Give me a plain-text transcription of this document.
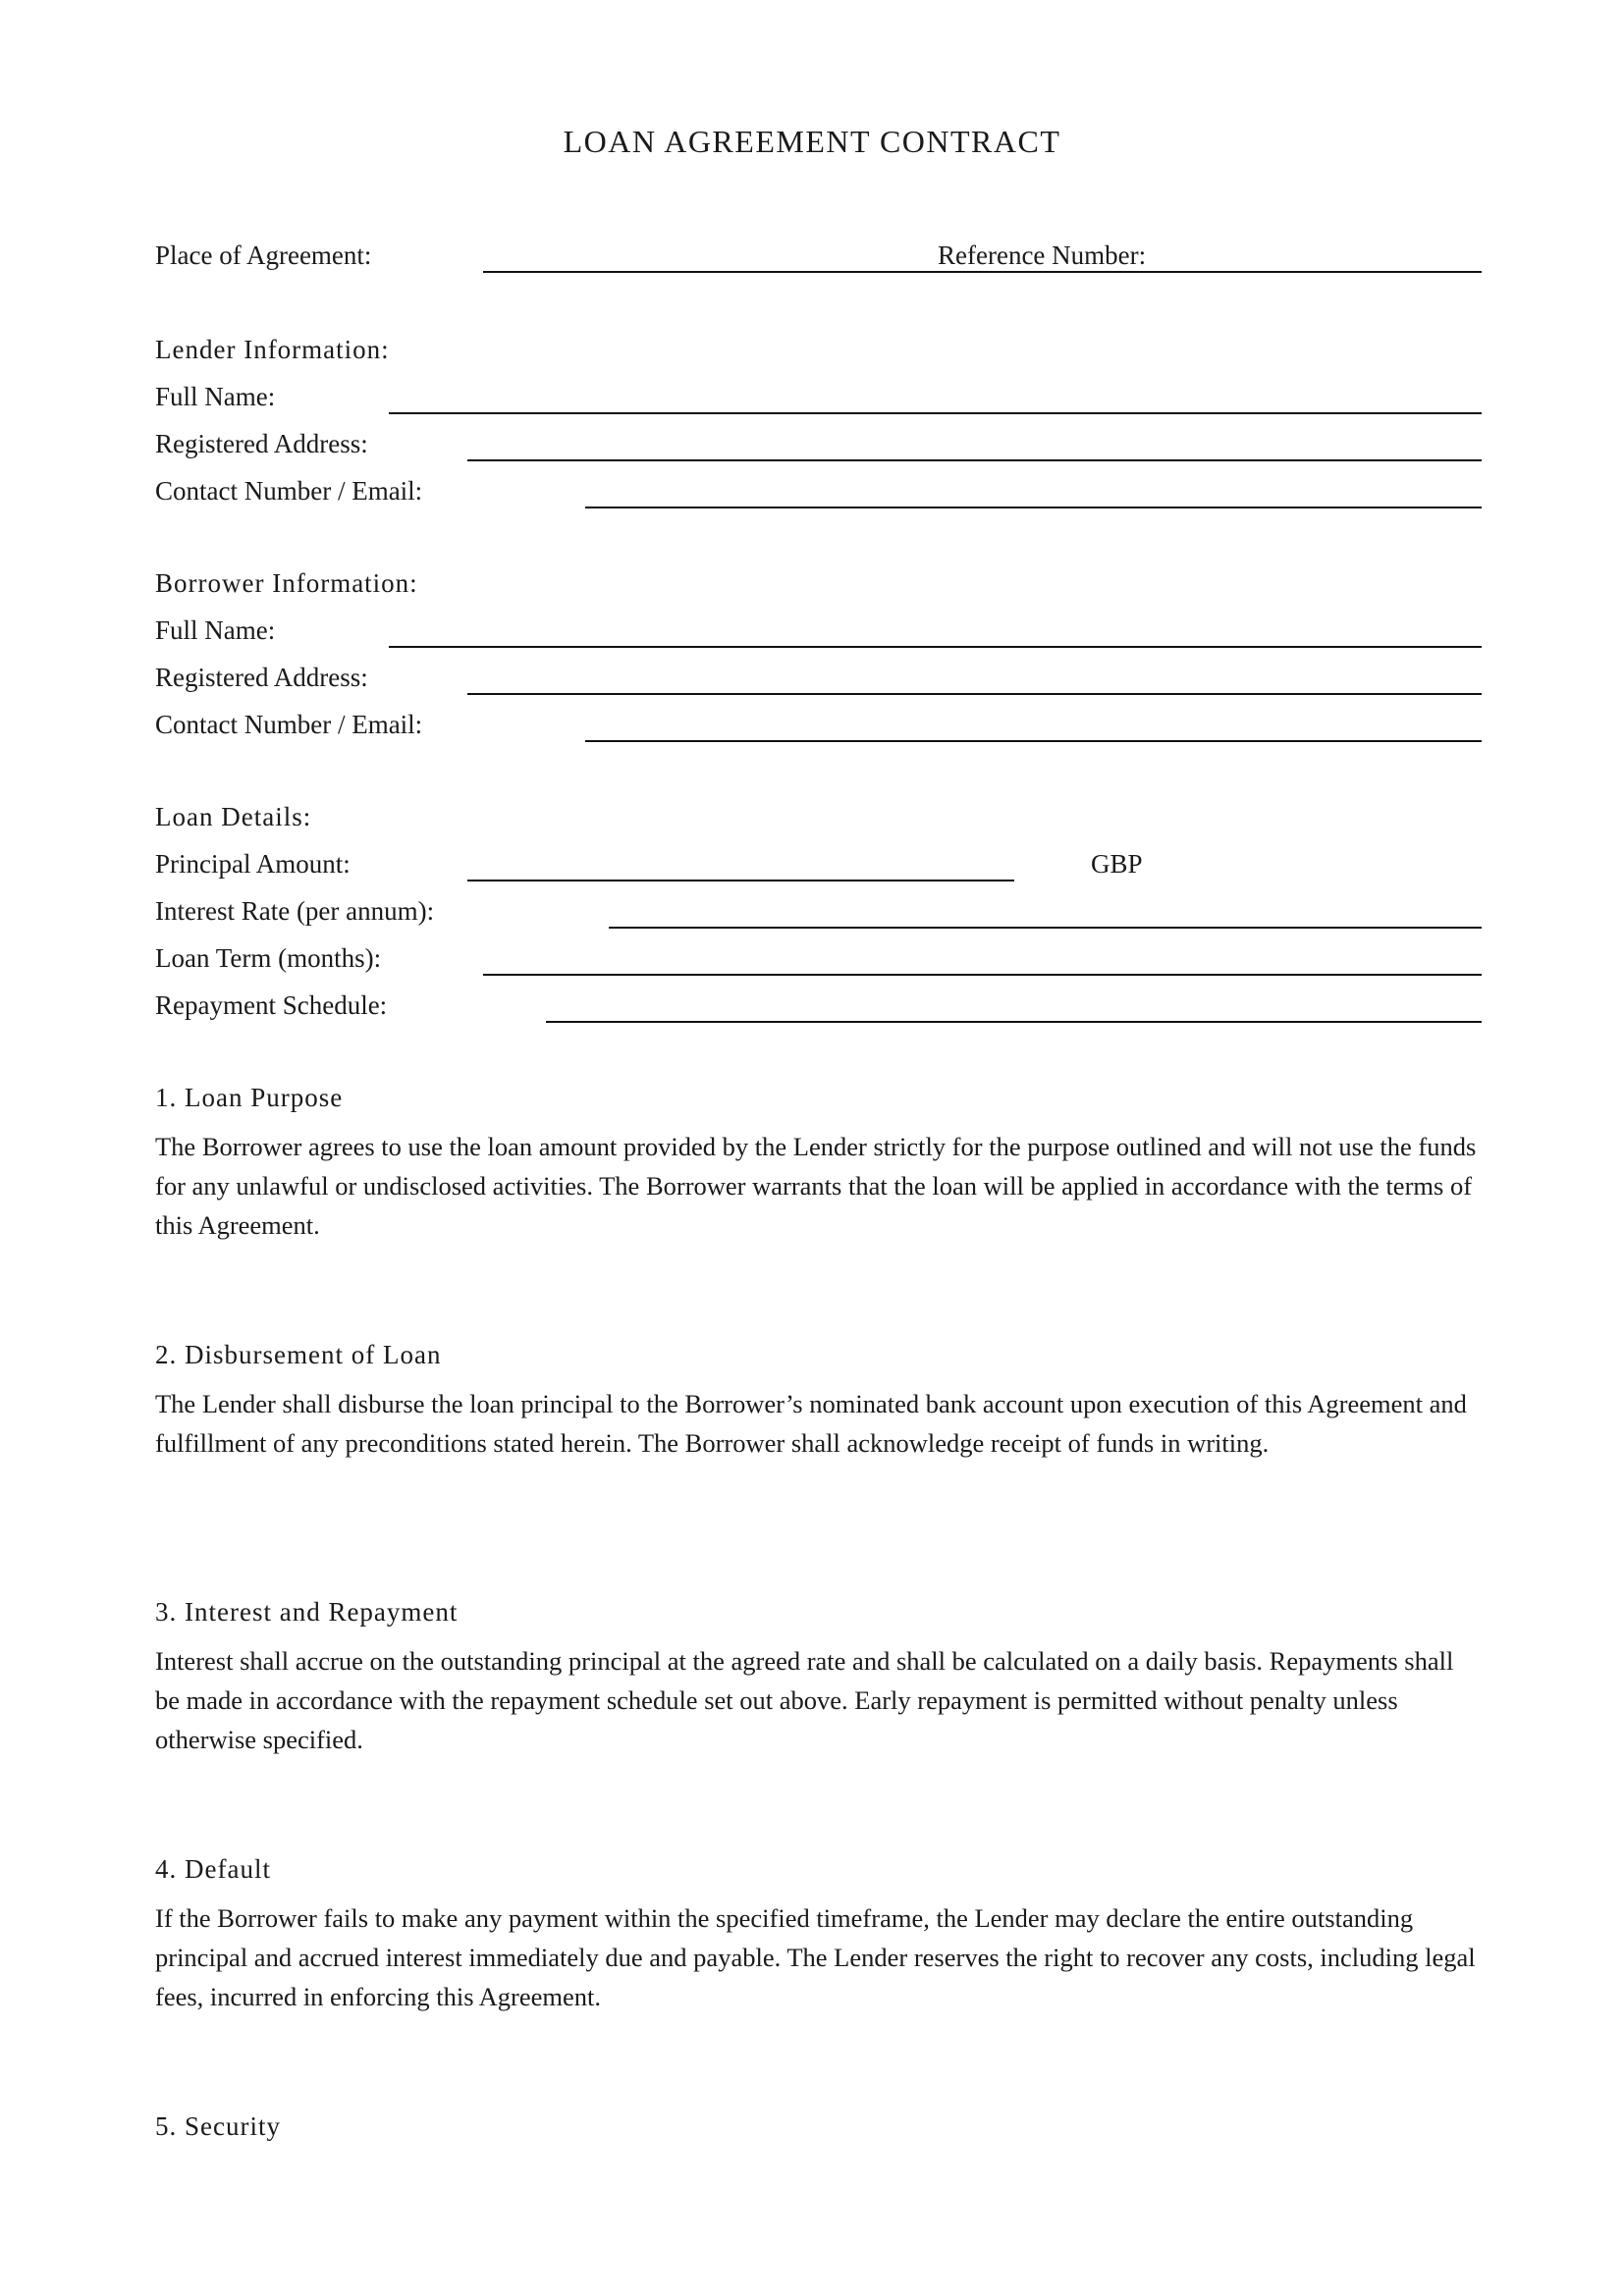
LOAN AGREEMENT CONTRACT
Place of Agreement:	Reference Number:
Lender Information:
Full Name:
Registered Address:
Contact Number / Email:
Borrower Information:
Full Name:
Registered Address:
Contact Number / Email:
Loan Details:
Principal Amount:	GBP
Interest Rate (per annum):
Loan Term (months):
Repayment Schedule:
1. Loan Purpose
The Borrower agrees to use the loan amount provided by the Lender strictly for the purpose outlined and will not use the funds for any unlawful or undisclosed activities. The Borrower warrants that the loan will be applied in accordance with the terms of this Agreement.
2. Disbursement of Loan
The Lender shall disburse the loan principal to the Borrower’s nominated bank account upon execution of this Agreement and fulfillment of any preconditions stated herein. The Borrower shall acknowledge receipt of funds in writing.
3. Interest and Repayment
Interest shall accrue on the outstanding principal at the agreed rate and shall be calculated on a daily basis. Repayments shall be made in accordance with the repayment schedule set out above. Early repayment is permitted without penalty unless otherwise specified.
4. Default
If the Borrower fails to make any payment within the specified timeframe, the Lender may declare the entire outstanding principal and accrued interest immediately due and payable. The Lender reserves the right to recover any costs, including legal fees, incurred in enforcing this Agreement.
5. Security
